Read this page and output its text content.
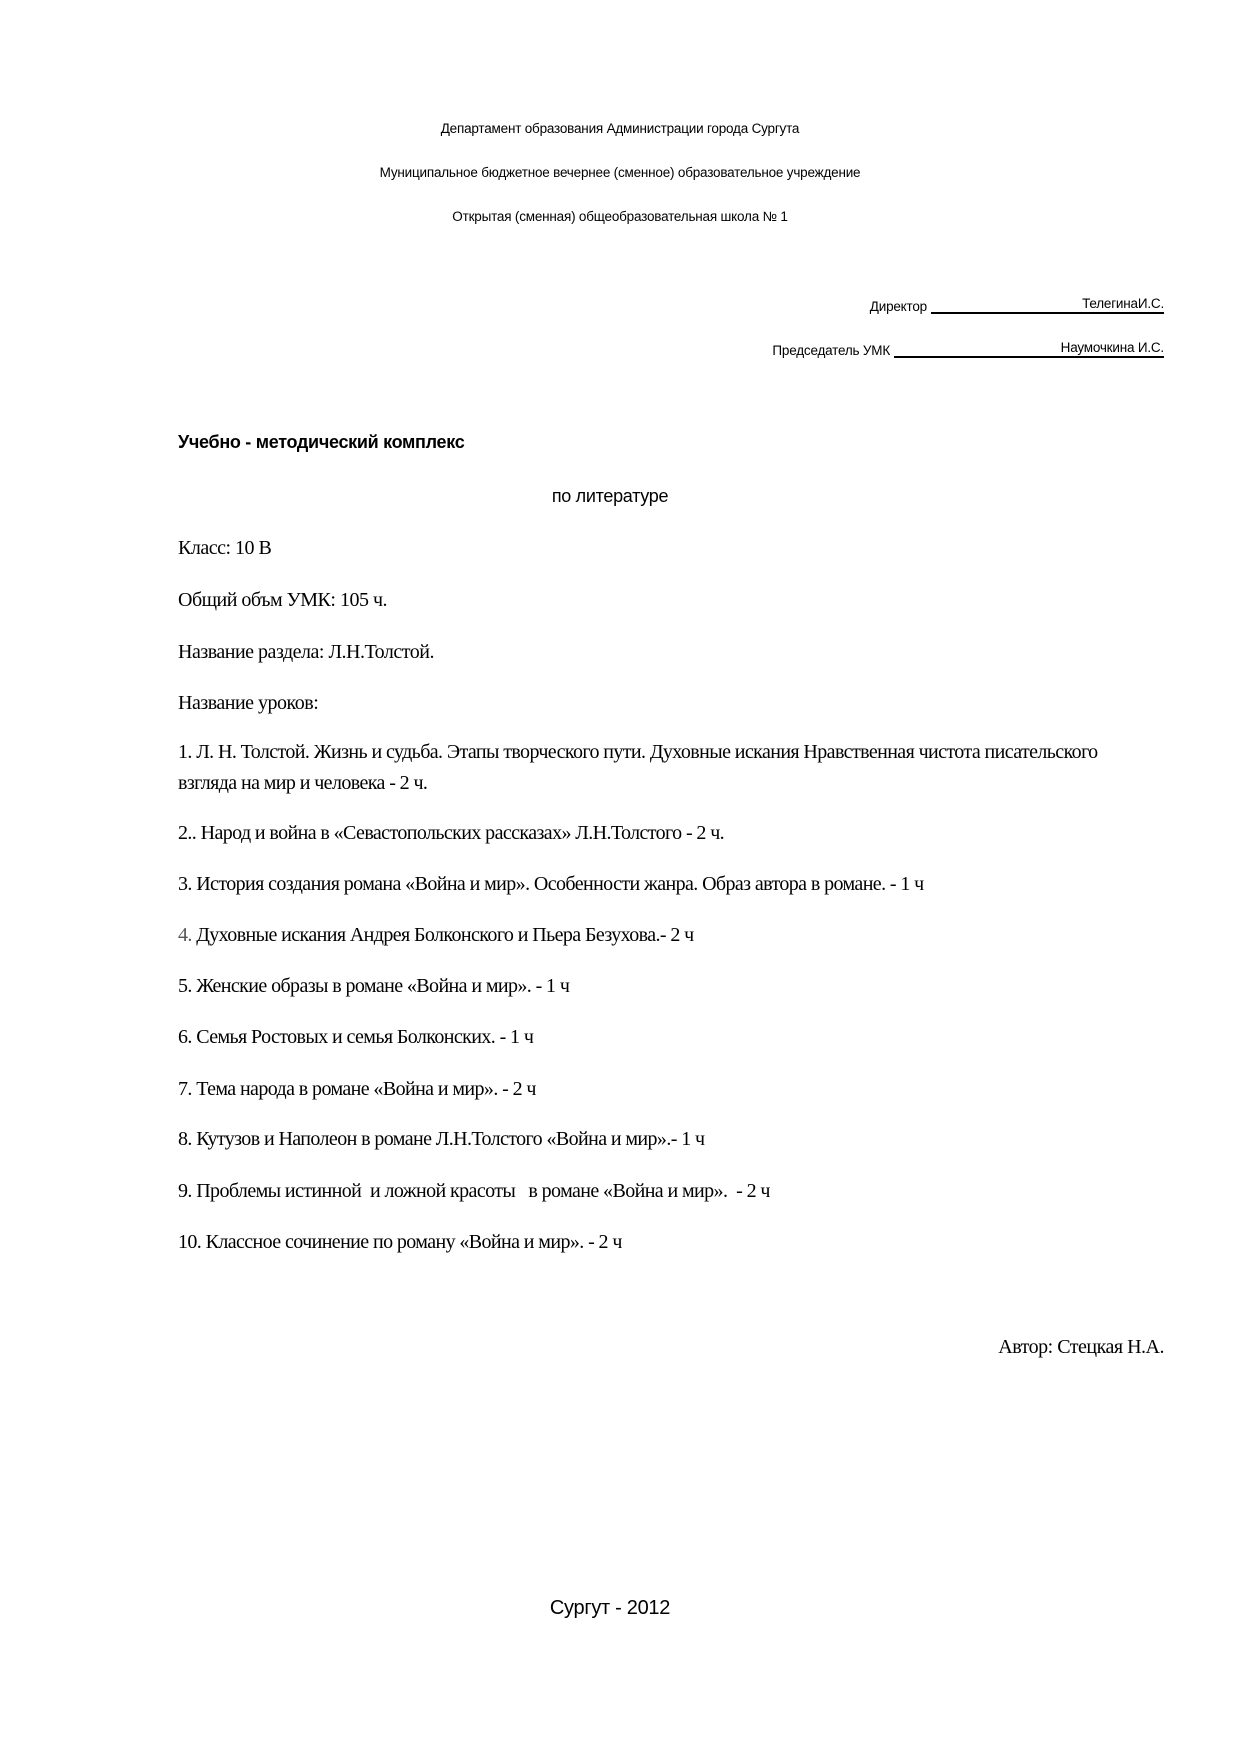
Департамент образования Администрации города Сургута
Муниципальное бюджетное вечернее (сменное) образовательное учреждение
Открытая (сменная) общеобразовательная школа № 1
Директор	ТелегинаИ.С.
Председатель УМК	Наумочкина И.С.
Учебно - методический комплекс
по литературе
Класс: 10 В
Общий объм УМК: 105 ч.
Название раздела: Л.Н.Толстой.
Название уроков:
1. Л. Н. Толстой. Жизнь и судьба. Этапы творческого пути. Духовные искания Нравственная чистота писательского взгляда на мир и человека - 2 ч.
2.. Народ и война в «Севастопольских рассказах» Л.Н.Толстого - 2 ч.
3. История создания романа «Война и мир». Особенности жанра. Образ автора в романе. - 1 ч
4. Духовные искания Андрея Болконского и Пьера Безухова.- 2 ч
5. Женские образы в романе «Война и мир». - 1 ч
6. Семья Ростовых и семья Болконских. - 1 ч
7. Тема народа в романе «Война и мир». - 2 ч
8. Кутузов и Наполеон в романе Л.Н.Толстого «Война и мир».- 1 ч
9. Проблемы истинной  и ложной красоты   в романе «Война и мир».  - 2 ч
10. Классное сочинение по роману «Война и мир». - 2 ч
Автор: Стецкая Н.А.
Сургут - 2012
